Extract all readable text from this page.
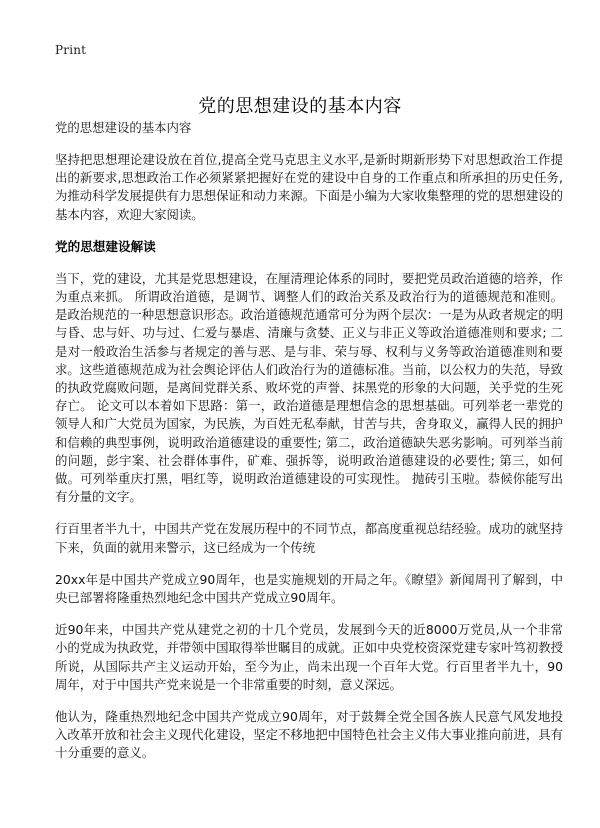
Print
党的思想建设的基本内容
党的思想建设的基本内容

坚持把思想理论建设放在首位,提高全党马克思主义水平,是新时期新形势下对思想政治工作提出的新要求,思想政治工作必须紧紧把握好在党的建设中自身的工作重点和所承担的历史任务,为推动科学发展提供有力思想保证和动力来源。下面是小编为大家收集整理的党的思想建设的基本内容，欢迎大家阅读。

党的思想建设解读

当下，党的建设，尤其是党思想建设，在厘清理论体系的同时，要把党员政治道德的培养，作为重点来抓。 所谓政治道德，是调节、调整人们的政治关系及政治行为的道德规范和准则。是政治规范的一种思想意识形态。政治道德规范通常可分为两个层次：一是为从政者规定的明与昏、忠与奸、功与过、仁爱与暴虐、清廉与贪婪、正义与非正义等政治道德准则和要求; 二是对一般政治生活参与者规定的善与恶、是与非、荣与辱、权利与义务等政治道德准则和要求。这些道德规范成为社会舆论评估人们政治行为的道德标准。当前，以公权力的失范，导致的执政党腐败问题，是离间党群关系、败坏党的声誉、抹黑党的形象的大问题，关乎党的生死存亡。 论文可以本着如下思路：第一，政治道德是理想信念的思想基础。可列举老一辈党的领导人和广大党员为国家，为民族，为百姓无私奉献，甘苦与共，舍身取义，赢得人民的拥护和信赖的典型事例，说明政治道德建设的重要性; 第二，政治道德缺失恶劣影响。可列举当前的问题，彭宇案、社会群体事件，矿难、强拆等，说明政治道德建设的必要性; 第三，如何做。可列举重庆打黑，唱红等，说明政治道德建设的可实现性。 抛砖引玉啦。恭候你能写出有分量的文字。

行百里者半九十，中国共产党在发展历程中的不同节点，都高度重视总结经验。成功的就坚持下来，负面的就用来警示，这已经成为一个传统

20xx年是中国共产党成立90周年，也是实施规划的开局之年。《瞭望》新闻周刊了解到，中央已部署将隆重热烈地纪念中国共产党成立90周年。

近90年来，中国共产党从建党之初的十几个党员，发展到今天的近8000万党员,从一个非常小的党成为执政党，并带领中国取得举世瞩目的成就。正如中央党校资深党建专家叶笃初教授所说，从国际共产主义运动开始，至今为止，尚未出现一个百年大党。行百里者半九十，90周年，对于中国共产党来说是一个非常重要的时刻，意义深远。

他认为，隆重热烈地纪念中国共产党成立90周年，对于鼓舞全党全国各族人民意气风发地投入改革开放和社会主义现代化建设，坚定不移地把中国特色社会主义伟大事业推向前进，具有十分重要的意义。
